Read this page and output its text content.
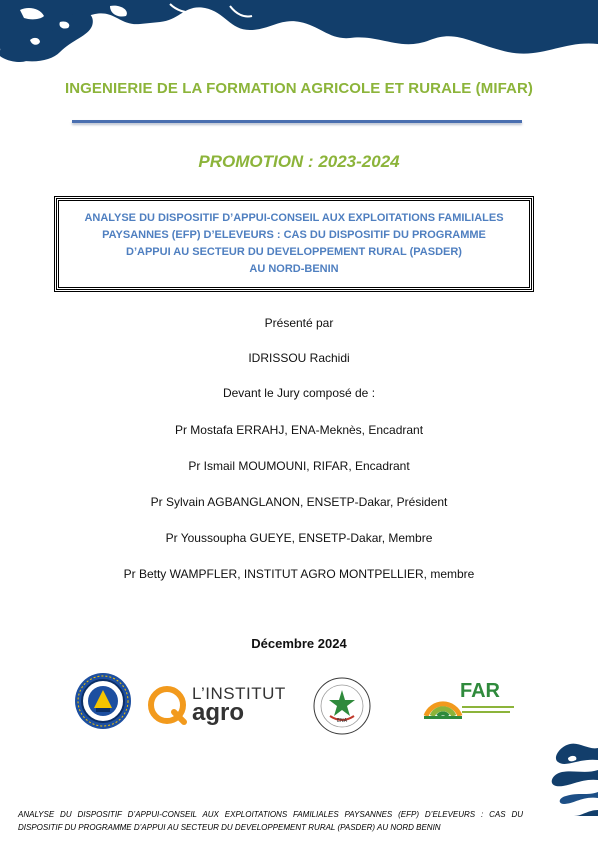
INGENIERIE DE LA FORMATION AGRICOLE ET RURALE (MIFAR)
PROMOTION : 2023-2024
ANALYSE DU DISPOSITIF D’APPUI-CONSEIL AUX EXPLOITATIONS FAMILIALES
PAYSANNES (EFP) D’ELEVEURS : CAS DU DISPOSITIF DU PROGRAMME
D’APPUI AU SECTEUR DU DEVELOPPEMENT RURAL (PASDER)
AU NORD-BENIN
Présenté par
IDRISSOU Rachidi
Devant le Jury composé de :
Pr Mostafa ERRAHJ, ENA-Meknès, Encadrant
Pr Ismail MOUMOUNI, RIFAR, Encadrant
Pr Sylvain AGBANGLANON, ENSETP-Dakar, Président
Pr Youssoupha GUEYE, ENSETP-Dakar, Membre
Pr Betty WAMPFLER, INSTITUT AGRO MONTPELLIER, membre
Décembre 2024
L’INSTITUT
agro	ENA
FAR
ANALYSE DU DISPOSITIF D’APPUI-CONSEIL AUX EXPLOITATIONS FAMILIALES PAYSANNES (EFP) D’ELEVEURS : CAS DU DISPOSITIF DU PROGRAMME D’APPUI AU SECTEUR DU DEVELOPPEMENT RURAL (PASDER) AU NORD BENIN
